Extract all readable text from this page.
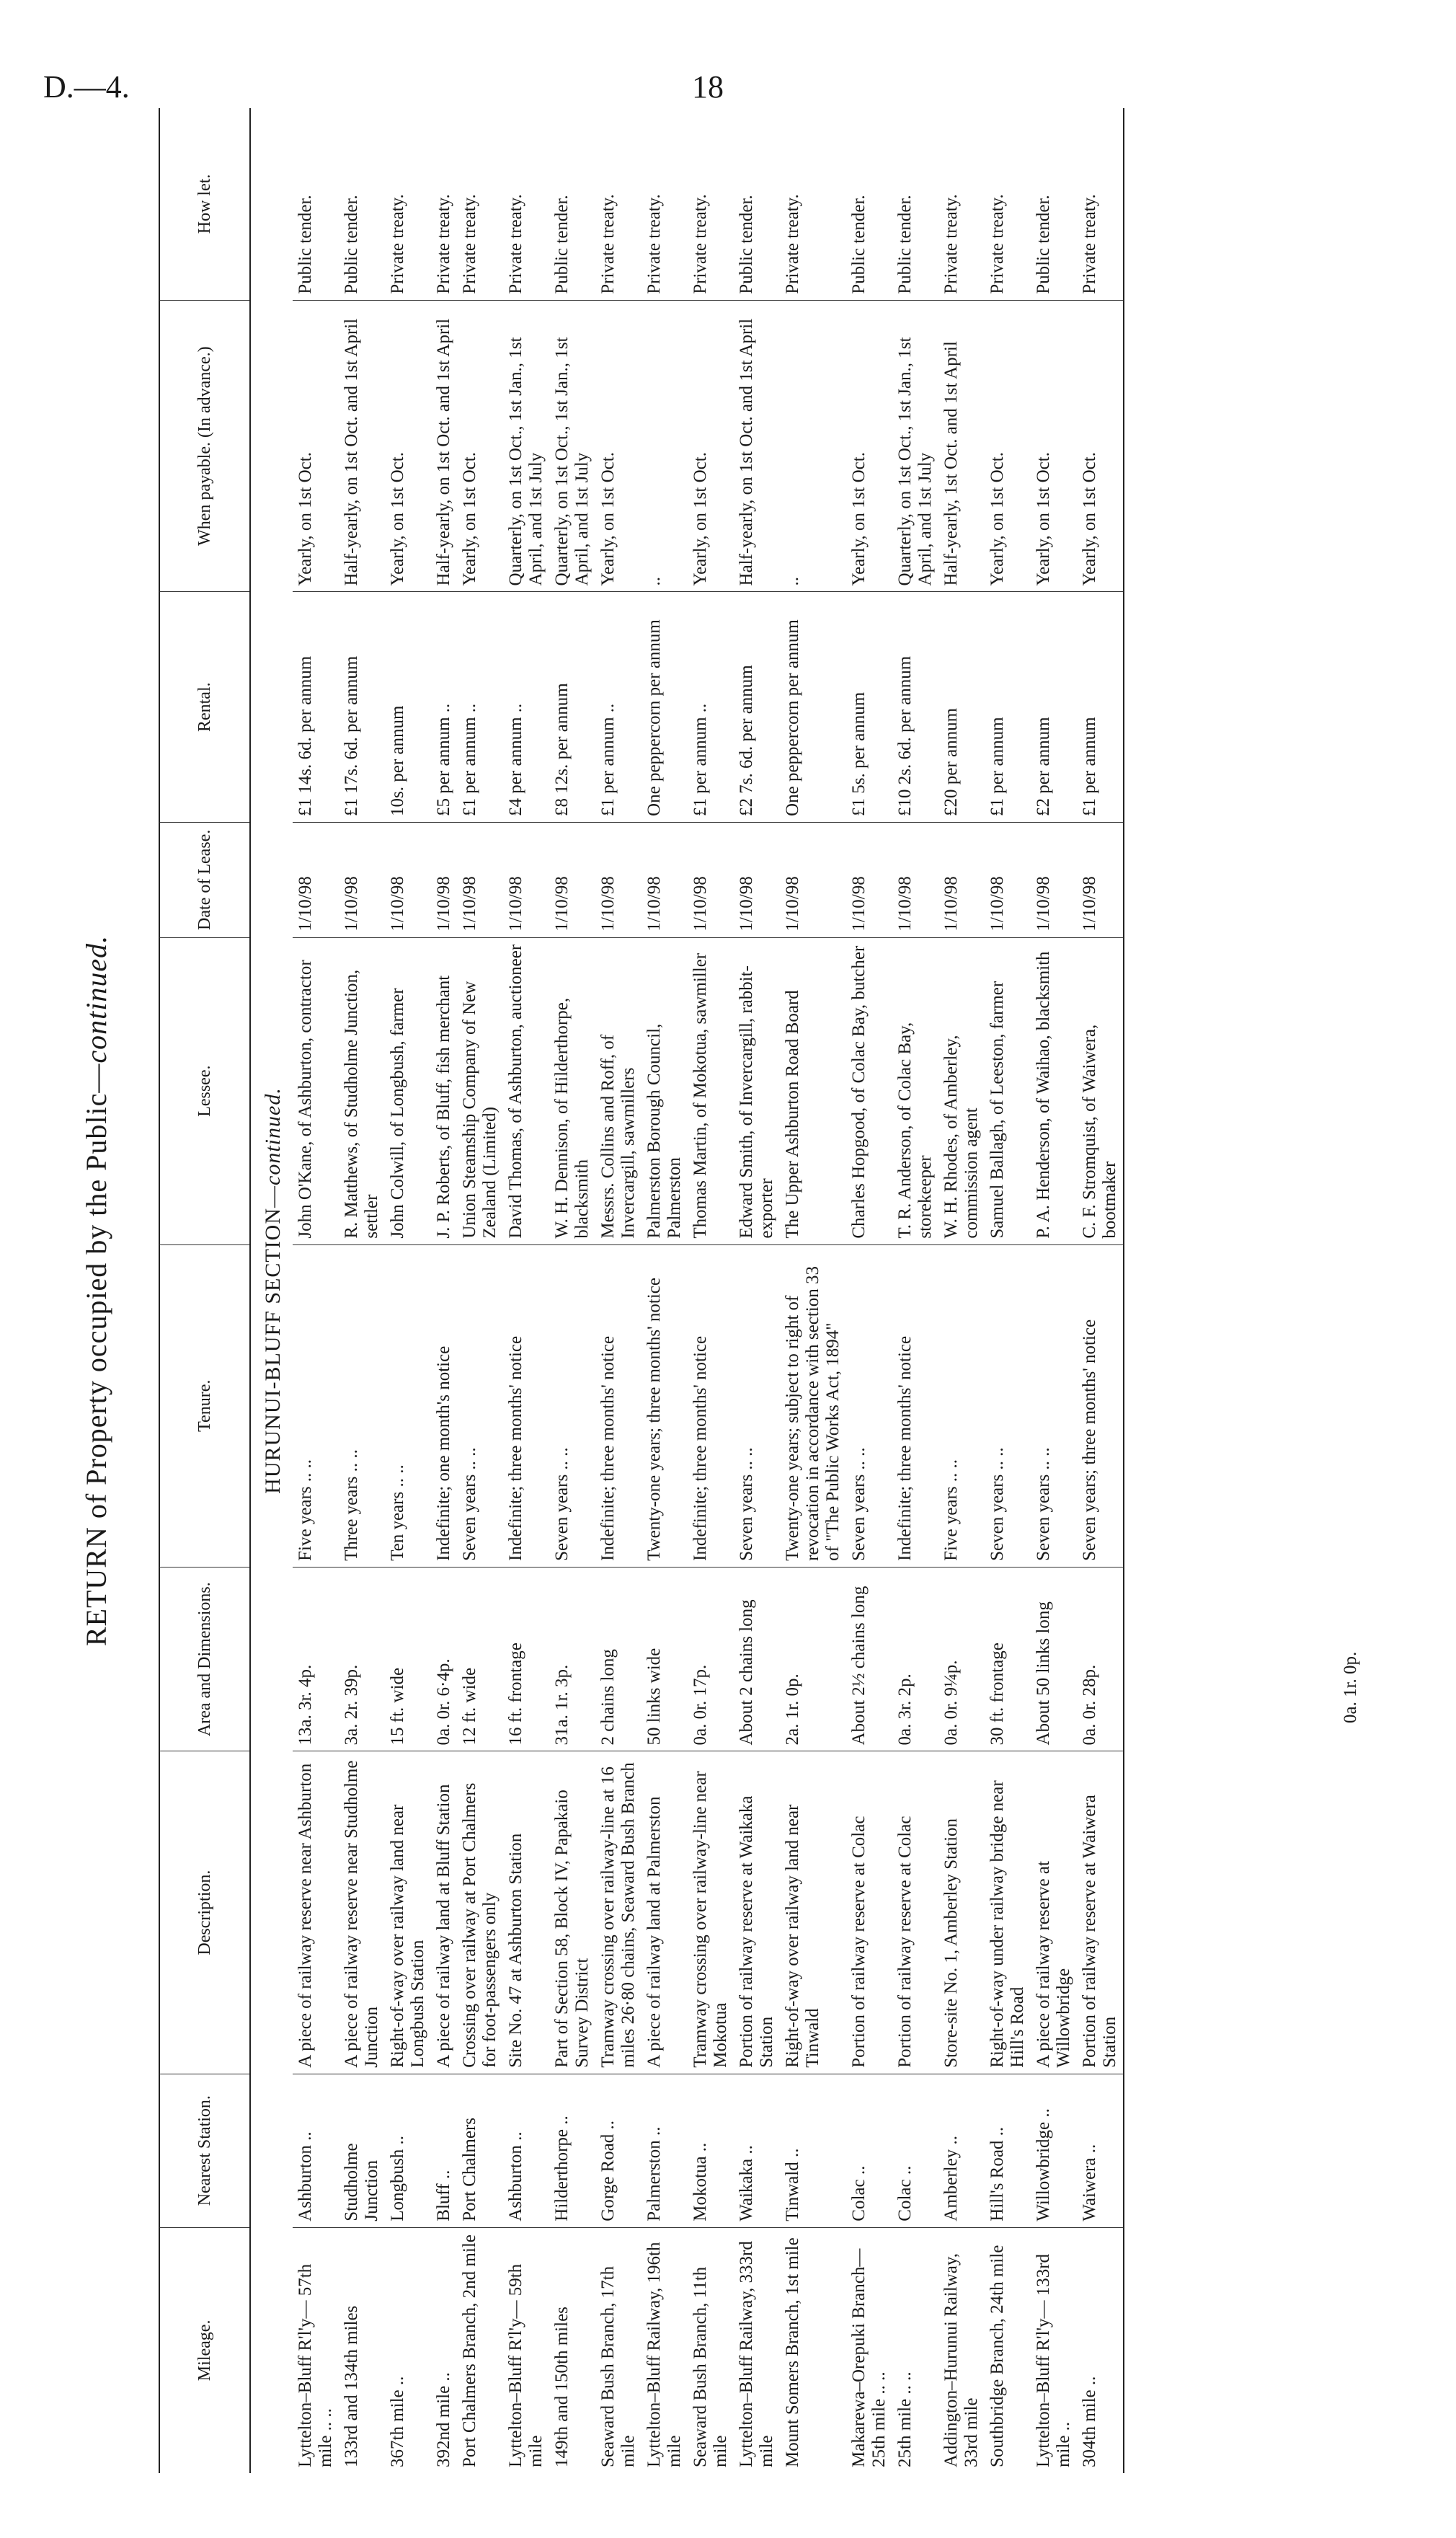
D.—4.	18
RETURN of Property occupied by the Public—continued.
Mileage.	Nearest Station.	Description.	Area and Dimensions.	Tenure.	Lessee.	Date of Lease.	Rental.	When payable. (In advance.)	How let.
HURUNUI-BLUFF SECTION—continued.									
Lyttelton–Bluff R'l'y— 57th mile .. ..	Ashburton ..	A piece of railway reserve near Ashburton	13a. 3r. 4p.	Five years .. ..	John O'Kane, of Ashburton, contractor	1/10/98	£1 14s. 6d. per annum	Yearly, on 1st Oct.	Public tender.
133rd and 134th miles	Studholme Junction	A piece of railway reserve near Studholme Junction	3a. 2r. 39p.	Three years .. ..	R. Matthews, of Studholme Junction, settler	1/10/98	£1 17s. 6d. per annum	Half-yearly, on 1st Oct. and 1st April	Public tender.
367th mile ..	Longbush ..	Right-of-way over railway land near Longbush Station	15 ft. wide	Ten years .. ..	John Colwill, of Longbush, farmer	1/10/98	10s. per annum	Yearly, on 1st Oct.	Private treaty.
392nd mile ..	Bluff ..	A piece of railway land at Bluff Station	0a. 0r. 6·4p.	Indefinite; one month's notice	J. P. Roberts, of Bluff, fish merchant	1/10/98	£5 per annum ..	Half-yearly, on 1st Oct. and 1st April	Private treaty.
Port Chalmers Branch, 2nd mile	Port Chalmers	Crossing over railway at Port Chalmers for foot-passengers only	12 ft. wide	Seven years .. ..	Union Steamship Company of New Zealand (Limited)	1/10/98	£1 per annum ..	Yearly, on 1st Oct.	Private treaty.
Lyttelton–Bluff R'l'y— 59th mile	Ashburton ..	Site No. 47 at Ashburton Station	16 ft. frontage	Indefinite; three months' notice	David Thomas, of Ashburton, auctioneer	1/10/98	£4 per annum ..	Quarterly, on 1st Oct., 1st Jan., 1st April, and 1st July	Private treaty.
149th and 150th miles	Hilderthorpe ..	Part of Section 58, Block IV, Papakaio Survey District	31a. 1r. 3p.	Seven years .. ..	W. H. Dennison, of Hilderthorpe, blacksmith	1/10/98	£8 12s. per annum	Quarterly, on 1st Oct., 1st Jan., 1st April, and 1st July	Public tender.
Seaward Bush Branch, 17th mile	Gorge Road ..	Tramway crossing over railway-line at 16 miles 26·80 chains, Seaward Bush Branch	2 chains long	Indefinite; three months' notice	Messrs. Collins and Roff, of Invercargill, sawmillers	1/10/98	£1 per annum ..	Yearly, on 1st Oct.	Private treaty.
Lyttelton–Bluff Railway, 196th mile	Palmerston ..	A piece of railway land at Palmerston	50 links wide	Twenty-one years; three months' notice	Palmerston Borough Council, Palmerston	1/10/98	One peppercorn per annum	..	Private treaty.
Seaward Bush Branch, 11th mile	Mokotua ..	Tramway crossing over railway-line near Mokotua	0a. 0r. 17p.	Indefinite; three months' notice	Thomas Martin, of Mokotua, sawmiller	1/10/98	£1 per annum ..	Yearly, on 1st Oct.	Private treaty.
Lyttelton–Bluff Railway, 333rd mile	Waikaka ..	Portion of railway reserve at Waikaka Station	About 2 chains long	Seven years .. ..	Edward Smith, of Invercargill, rabbit-exporter	1/10/98	£2 7s. 6d. per annum	Half-yearly, on 1st Oct. and 1st April	Public tender.
Mount Somers Branch, 1st mile	Tinwald ..	Right-of-way over railway land near Tinwald	2a. 1r. 0p.	Twenty-one years; subject to right of revocation in accordance with section 33 of "The Public Works Act, 1894"	The Upper Ashburton Road Board	1/10/98	One peppercorn per annum	..	Private treaty.
Makarewa–Orepuki Branch— 25th mile .. ..	Colac ..	Portion of railway reserve at Colac	About 2½ chains long	Seven years .. ..	Charles Hopgood, of Colac Bay, butcher	1/10/98	£1 5s. per annum	Yearly, on 1st Oct.	Public tender.
25th mile .. ..	Colac ..	Portion of railway reserve at Colac	0a. 3r. 2p.	Indefinite; three months' notice	T. R. Anderson, of Colac Bay, storekeeper	1/10/98	£10 2s. 6d. per annum	Quarterly, on 1st Oct., 1st Jan., 1st April, and 1st July	Public tender.
Addington–Hurunui Railway, 33rd mile	Amberley ..	Store-site No. 1, Amberley Station	0a. 0r. 9¼p.	Five years .. ..	W. H. Rhodes, of Amberley, commission agent	1/10/98	£20 per annum	Half-yearly, 1st Oct. and 1st April	Private treaty.
Southbridge Branch, 24th mile	Hill's Road ..	Right-of-way under railway bridge near Hill's Road	30 ft. frontage	Seven years .. ..	Samuel Ballagh, of Leeston, farmer	1/10/98	£1 per annum	Yearly, on 1st Oct.	Private treaty.
Lyttelton–Bluff R'l'y— 133rd mile ..	Willowbridge ..	A piece of railway reserve at Willowbridge	About 50 links long	Seven years .. ..	P. A. Henderson, of Waihao, blacksmith	1/10/98	£2 per annum	Yearly, on 1st Oct.	Public tender.
304th mile ..	Waiwera ..	Portion of railway reserve at Waiwera Station	0a. 0r. 28p.	Seven years; three months' notice	C. F. Stromquist, of Waiwera, bootmaker	1/10/98	£1 per annum	Yearly, on 1st Oct.	Private treaty.
0a. 1r. 0p.
